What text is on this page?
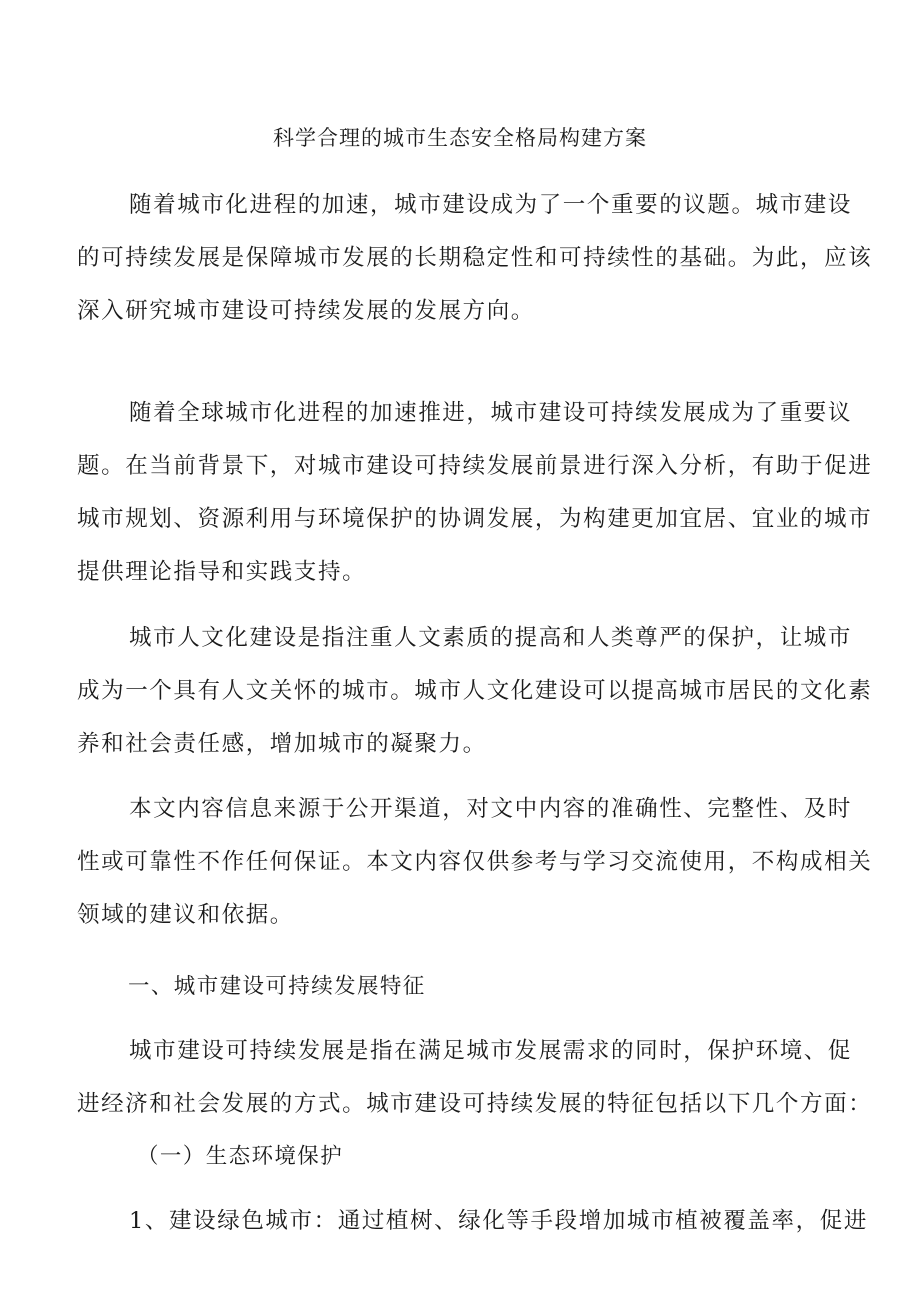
科学合理的城市生态安全格局构建方案
随着城市化进程的加速，城市建设成为了一个重要的议题。城市建设
的可持续发展是保障城市发展的长期稳定性和可持续性的基础。为此，应该
深入研究城市建设可持续发展的发展方向。
随着全球城市化进程的加速推进，城市建设可持续发展成为了重要议
题。在当前背景下，对城市建设可持续发展前景进行深入分析，有助于促进
城市规划、资源利用与环境保护的协调发展，为构建更加宜居、宜业的城市
提供理论指导和实践支持。
城市人文化建设是指注重人文素质的提高和人类尊严的保护，让城市
成为一个具有人文关怀的城市。城市人文化建设可以提高城市居民的文化素
养和社会责任感，增加城市的凝聚力。
本文内容信息来源于公开渠道，对文中内容的准确性、完整性、及时
性或可靠性不作任何保证。本文内容仅供参考与学习交流使用，不构成相关
领域的建议和依据。
一、城市建设可持续发展特征
城市建设可持续发展是指在满足城市发展需求的同时，保护环境、促
进经济和社会发展的方式。城市建设可持续发展的特征包括以下几个方面：
（一）生态环境保护
1、建设绿色城市：通过植树、绿化等手段增加城市植被覆盖率，促进
